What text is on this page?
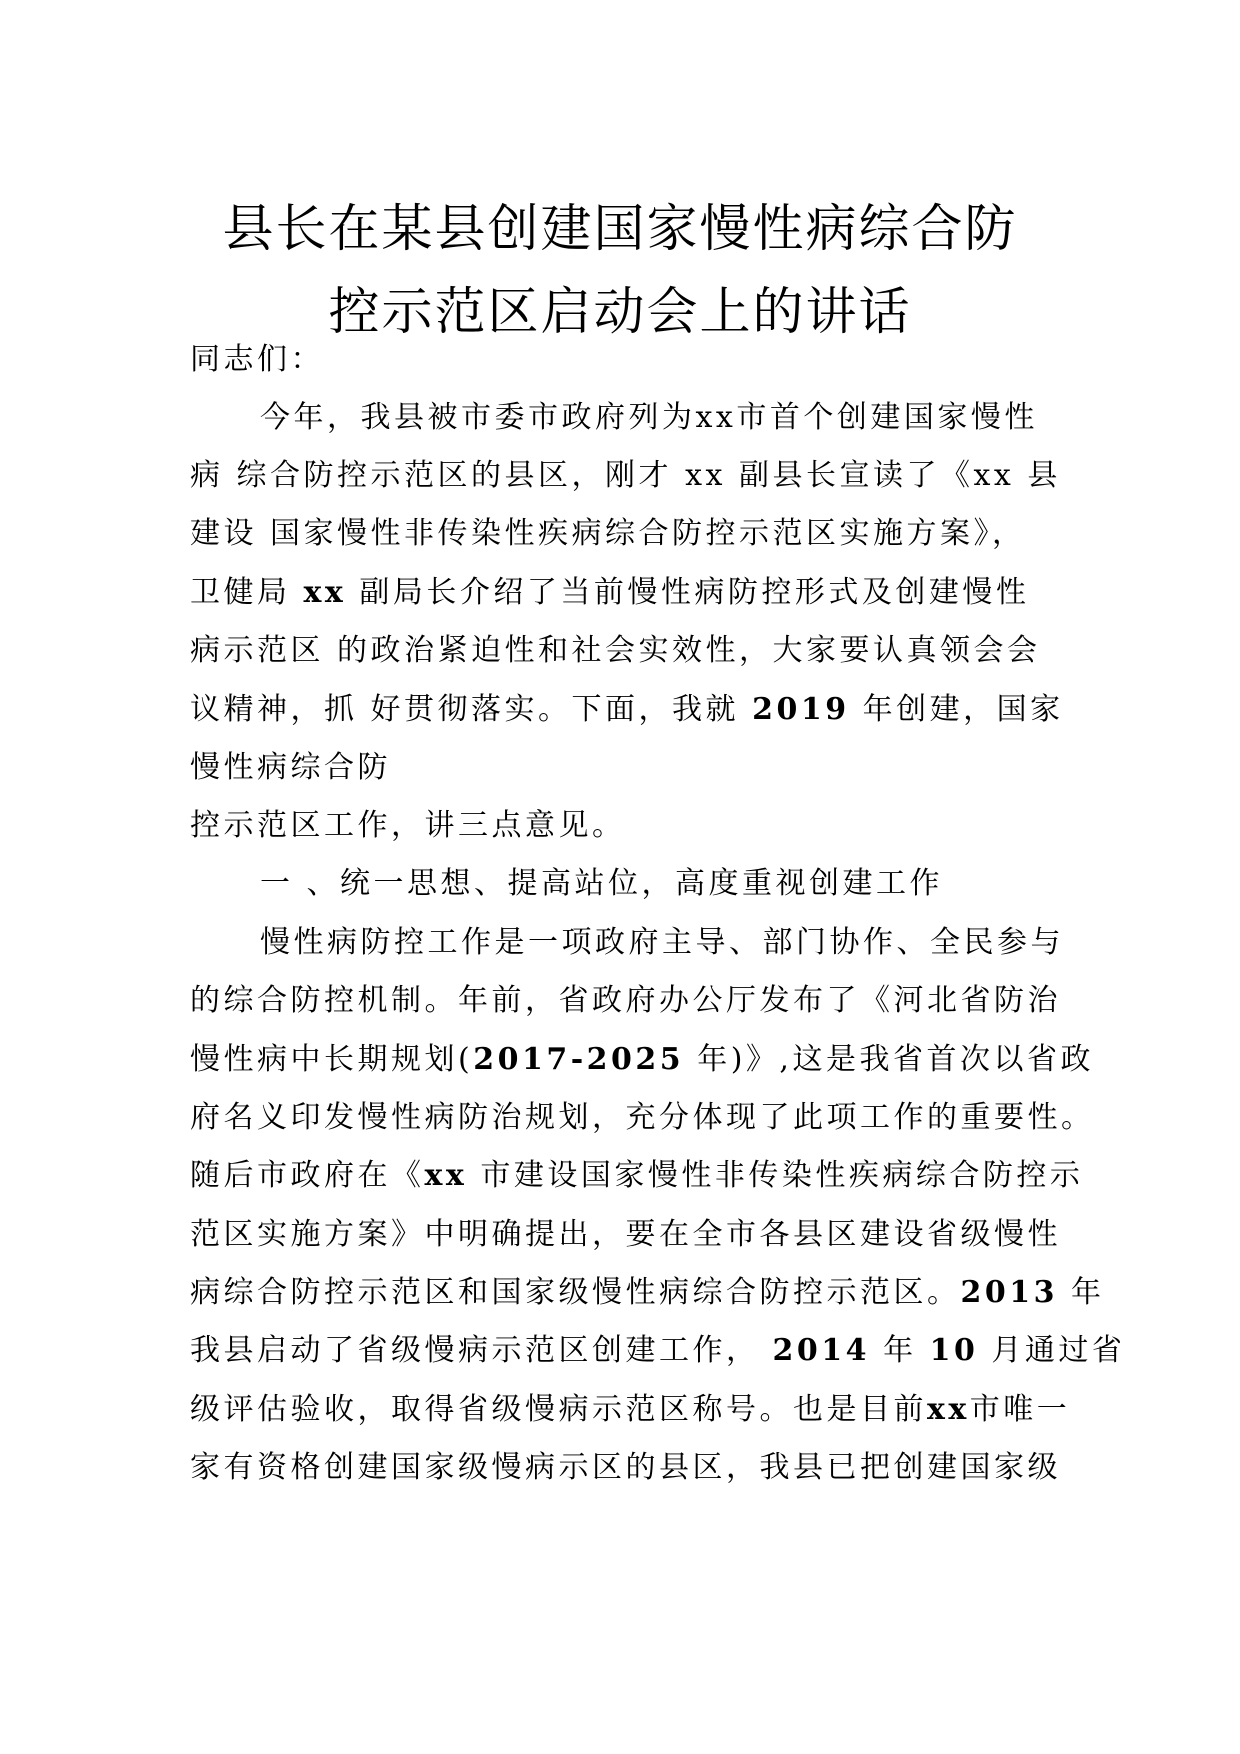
县长在某县创建国家慢性病综合防
控示范区启动会上的讲话

同志们：

今年，我县被市委市政府列为xx市首个创建国家慢性

病 综合防控示范区的县区，刚才 xx 副县长宣读了《xx 县

建设 国家慢性非传染性疾病综合防控示范区实施方案》，

卫健局 xx 副局长介绍了当前慢性病防控形式及创建慢性

病示范区 的政治紧迫性和社会实效性，大家要认真领会会

议精神，抓 好贯彻落实。下面，我就 2019 年创建，国家

慢性病综合防

控示范区工作，讲三点意见。

一 、统一思想、提高站位，高度重视创建工作

慢性病防控工作是一项政府主导、部门协作、全民参与

的综合防控机制。年前，省政府办公厅发布了《河北省防治

慢性病中长期规划(2017-2025 年)》,这是我省首次以省政

府名义印发慢性病防治规划，充分体现了此项工作的重要性。

随后市政府在《xx 市建设国家慢性非传染性疾病综合防控示

范区实施方案》中明确提出，要在全市各县区建设省级慢性

病综合防控示范区和国家级慢性病综合防控示范区。2013 年

我县启动了省级慢病示范区创建工作， 2014 年 10 月通过省

级评估验收，取得省级慢病示范区称号。也是目前xx市唯一

家有资格创建国家级慢病示区的县区，我县已把创建国家级
